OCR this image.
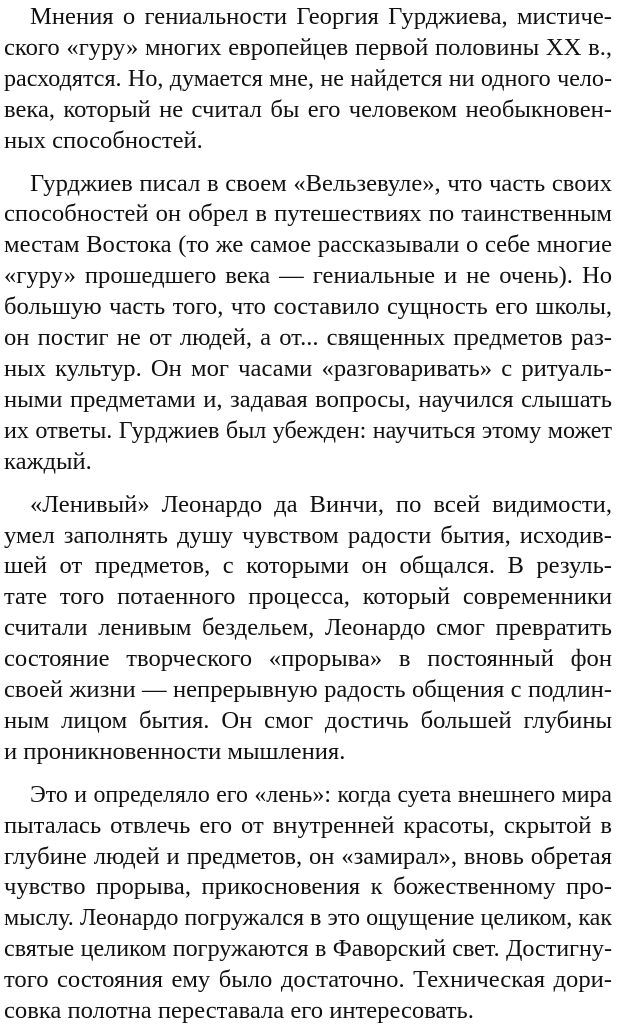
Мнения о гениальности Георгия Гурджиева, мистиче-
ского «гуру» многих европейцев первой половины XX в.,
расходятся. Но, думается мне, не найдется ни одного чело-
века, который не считал бы его человеком необыкновен-
ных способностей.

Гурджиев писал в своем «Вельзевуле», что часть своих
способностей он обрел в путешествиях по таинственным
местам Востока (то же самое рассказывали о себе многие
«гуру» прошедшего века — гениальные и не очень). Но
большую часть того, что составило сущность его школы,
он постиг не от людей, а от... священных предметов раз-
ных культур. Он мог часами «разговаривать» с ритуаль-
ными предметами и, задавая вопросы, научился слышать
их ответы. Гурджиев был убежден: научиться этому может
каждый.

«Ленивый» Леонардо да Винчи, по всей видимости,
умел заполнять душу чувством радости бытия, исходив-
шей от предметов, с которыми он общался. В резуль-
тате того потаенного процесса, который современники
считали ленивым бездельем, Леонардо смог превратить
состояние творческого «прорыва» в постоянный фон
своей жизни — непрерывную радость общения с подлин-
ным лицом бытия. Он смог достичь большей глубины
и проникновенности мышления.

Это и определяло его «лень»: когда суета внешнего мира
пыталась отвлечь его от внутренней красоты, скрытой в
глубине людей и предметов, он «замирал», вновь обретая
чувство прорыва, прикосновения к божественному про-
мыслу. Леонардо погружался в это ощущение целиком, как
святые целиком погружаются в Фаворский свет. Достигну-
того состояния ему было достаточно. Техническая дори-
совка полотна переставала его интересовать.
